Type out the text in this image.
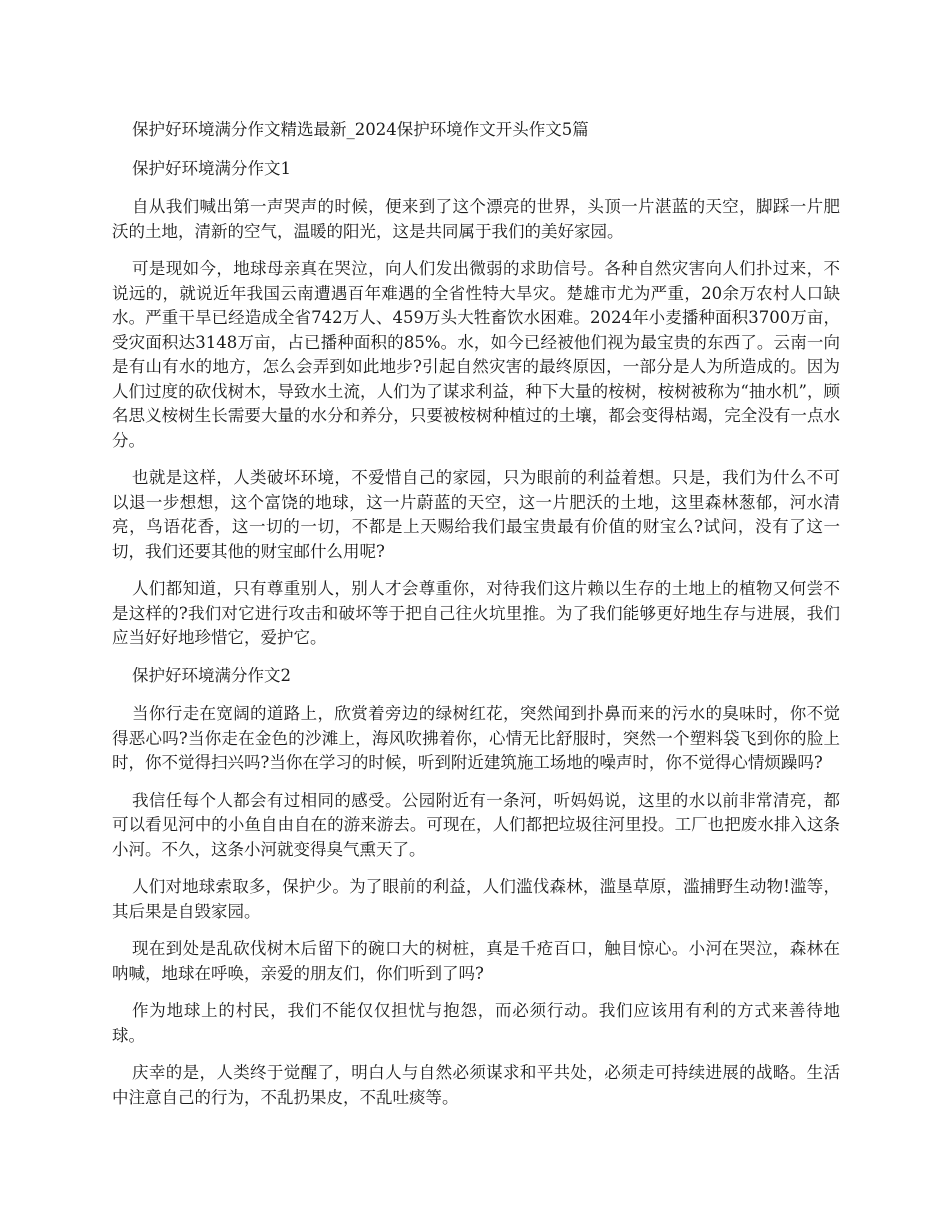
保护好环境满分作文精选最新_2024保护环境作文开头作文5篇
保护好环境满分作文1

自从我们喊出第一声哭声的时候，便来到了这个漂亮的世界，头顶一片湛蓝的天空，脚踩一片肥沃的土地，清新的空气，温暖的阳光，这是共同属于我们的美好家园。

可是现如今，地球母亲真在哭泣，向人们发出微弱的求助信号。各种自然灾害向人们扑过来，不说远的，就说近年我国云南遭遇百年难遇的全省性特大旱灾。楚雄市尤为严重，20余万农村人口缺水。严重干旱已经造成全省742万人、459万头大牲畜饮水困难。2024年小麦播种面积3700万亩，受灾面积达3148万亩，占已播种面积的85%。水，如今已经被他们视为最宝贵的东西了。云南一向是有山有水的地方，怎么会弄到如此地步?引起自然灾害的最终原因，一部分是人为所造成的。因为人们过度的砍伐树木，导致水土流，人们为了谋求利益，种下大量的桉树，桉树被称为“抽水机”，顾名思义桉树生长需要大量的水分和养分，只要被桉树种植过的土壤，都会变得枯竭，完全没有一点水分。

也就是这样，人类破坏环境，不爱惜自己的家园，只为眼前的利益着想。只是，我们为什么不可以退一步想想，这个富饶的地球，这一片蔚蓝的天空，这一片肥沃的土地，这里森林葱郁，河水清亮，鸟语花香，这一切的一切，不都是上天赐给我们最宝贵最有价值的财宝么?试问，没有了这一切，我们还要其他的财宝邮什么用呢?

人们都知道，只有尊重别人，别人才会尊重你，对待我们这片赖以生存的土地上的植物又何尝不是这样的?我们对它进行攻击和破坏等于把自己往火坑里推。为了我们能够更好地生存与进展，我们应当好好地珍惜它，爱护它。

保护好环境满分作文2

当你行走在宽阔的道路上，欣赏着旁边的绿树红花，突然闻到扑鼻而来的污水的臭味时，你不觉得恶心吗?当你走在金色的沙滩上，海风吹拂着你，心情无比舒服时，突然一个塑料袋飞到你的脸上时，你不觉得扫兴吗?当你在学习的时候，听到附近建筑施工场地的噪声时，你不觉得心情烦躁吗?

我信任每个人都会有过相同的感受。公园附近有一条河，听妈妈说，这里的水以前非常清亮，都可以看见河中的小鱼自由自在的游来游去。可现在，人们都把垃圾往河里投。工厂也把废水排入这条小河。不久，这条小河就变得臭气熏天了。

人们对地球索取多，保护少。为了眼前的利益，人们滥伐森林，滥垦草原，滥捕野生动物!滥等，其后果是自毁家园。

现在到处是乱砍伐树木后留下的碗口大的树桩，真是千疮百口，触目惊心。小河在哭泣，森林在呐喊，地球在呼唤，亲爱的朋友们，你们听到了吗?

作为地球上的村民，我们不能仅仅担忧与抱怨，而必须行动。我们应该用有利的方式来善待地球。

庆幸的是，人类终于觉醒了，明白人与自然必须谋求和平共处，必须走可持续进展的战略。生活中注意自己的行为，不乱扔果皮，不乱吐痰等。
